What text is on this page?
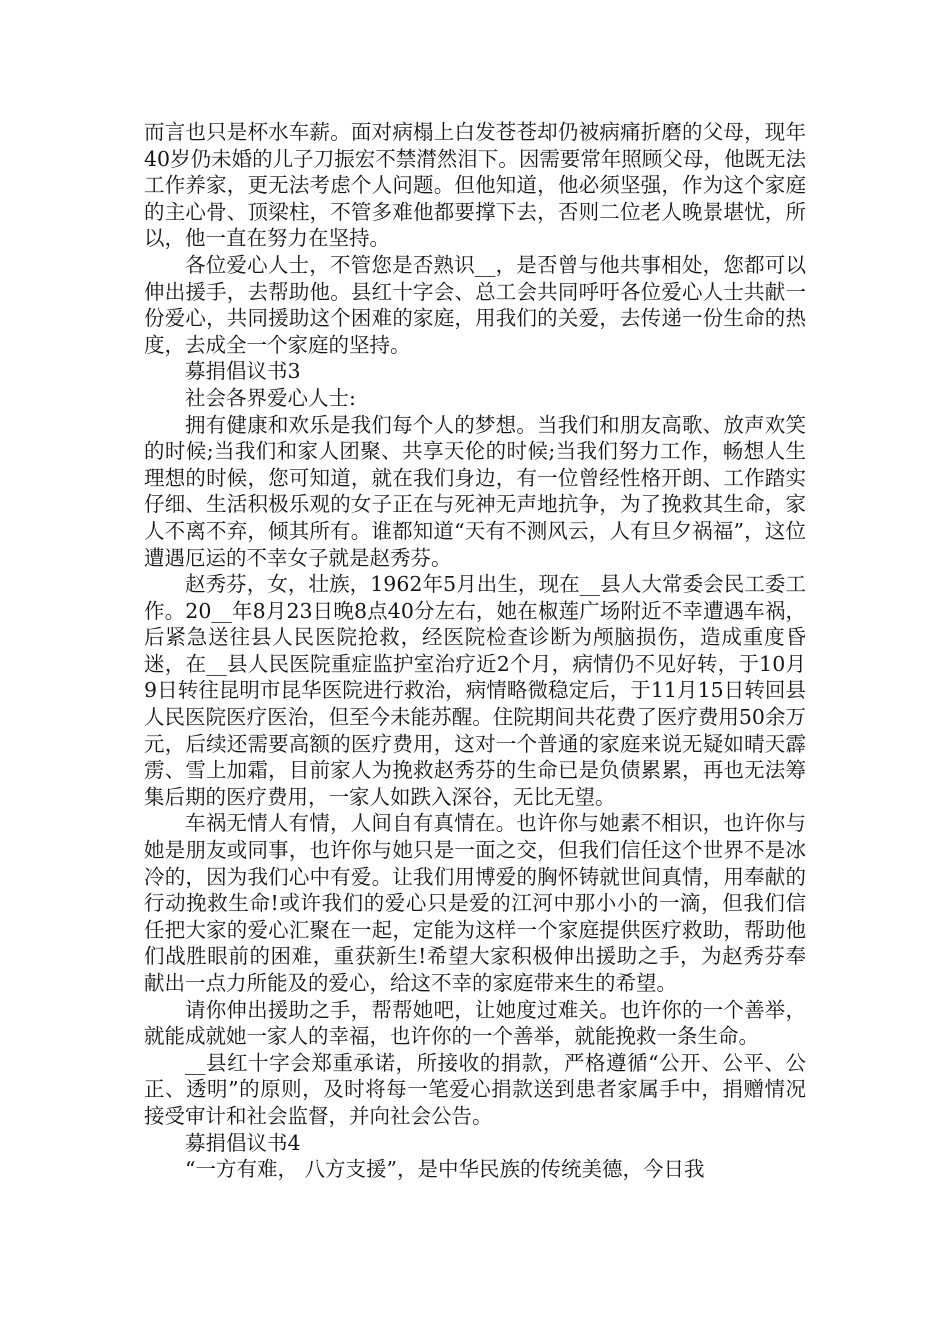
而言也只是杯水车薪。面对病榻上白发苍苍却仍被病痛折磨的父母，现年40岁仍未婚的儿子刀振宏不禁潸然泪下。因需要常年照顾父母，他既无法工作养家，更无法考虑个人问题。但他知道，他必须坚强，作为这个家庭的主心骨、顶梁柱，不管多难他都要撑下去，否则二位老人晚景堪忧，所以，他一直在努力在坚持。

各位爱心人士，不管您是否熟识__，是否曾与他共事相处，您都可以伸出援手，去帮助他。县红十字会、总工会共同呼吁各位爱心人士共献一份爱心，共同援助这个困难的家庭，用我们的关爱，去传递一份生命的热度，去成全一个家庭的坚持。

募捐倡议书3

社会各界爱心人士:

拥有健康和欢乐是我们每个人的梦想。当我们和朋友高歌、放声欢笑的时候;当我们和家人团聚、共享天伦的时候;当我们努力工作，畅想人生理想的时候，您可知道，就在我们身边，有一位曾经性格开朗、工作踏实仔细、生活积极乐观的女子正在与死神无声地抗争，为了挽救其生命，家人不离不弃，倾其所有。谁都知道“天有不测风云，人有旦夕祸福”，这位遭遇厄运的不幸女子就是赵秀芬。

赵秀芬，女，壮族，1962年5月出生，现在__县人大常委会民工委工作。20__年8月23日晚8点40分左右，她在椒莲广场附近不幸遭遇车祸，后紧急送往县人民医院抢救，经医院检查诊断为颅脑损伤，造成重度昏迷，在__县人民医院重症监护室治疗近2个月，病情仍不见好转，于10月9日转往昆明市昆华医院进行救治，病情略微稳定后，于11月15日转回县人民医院医疗医治，但至今未能苏醒。住院期间共花费了医疗费用50余万元，后续还需要高额的医疗费用，这对一个普通的家庭来说无疑如晴天霹雳、雪上加霜，目前家人为挽救赵秀芬的生命已是负债累累，再也无法筹集后期的医疗费用，一家人如跌入深谷，无比无望。

车祸无情人有情，人间自有真情在。也许你与她素不相识，也许你与她是朋友或同事，也许你与她只是一面之交，但我们信任这个世界不是冰冷的，因为我们心中有爱。让我们用博爱的胸怀铸就世间真情，用奉献的行动挽救生命!或许我们的爱心只是爱的江河中那小小的一滴，但我们信任把大家的爱心汇聚在一起，定能为这样一个家庭提供医疗救助，帮助他们战胜眼前的困难，重获新生!希望大家积极伸出援助之手，为赵秀芬奉献出一点力所能及的爱心，给这不幸的家庭带来生的希望。

请你伸出援助之手，帮帮她吧，让她度过难关。也许你的一个善举，就能成就她一家人的幸福，也许你的一个善举，就能挽救一条生命。

__县红十字会郑重承诺，所接收的捐款，严格遵循“公开、公平、公正、透明”的原则，及时将每一笔爱心捐款送到患者家属手中，捐赠情况接受审计和社会监督，并向社会公告。

募捐倡议书4

“一方有难， 八方支援”，是中华民族的传统美德，今日我
